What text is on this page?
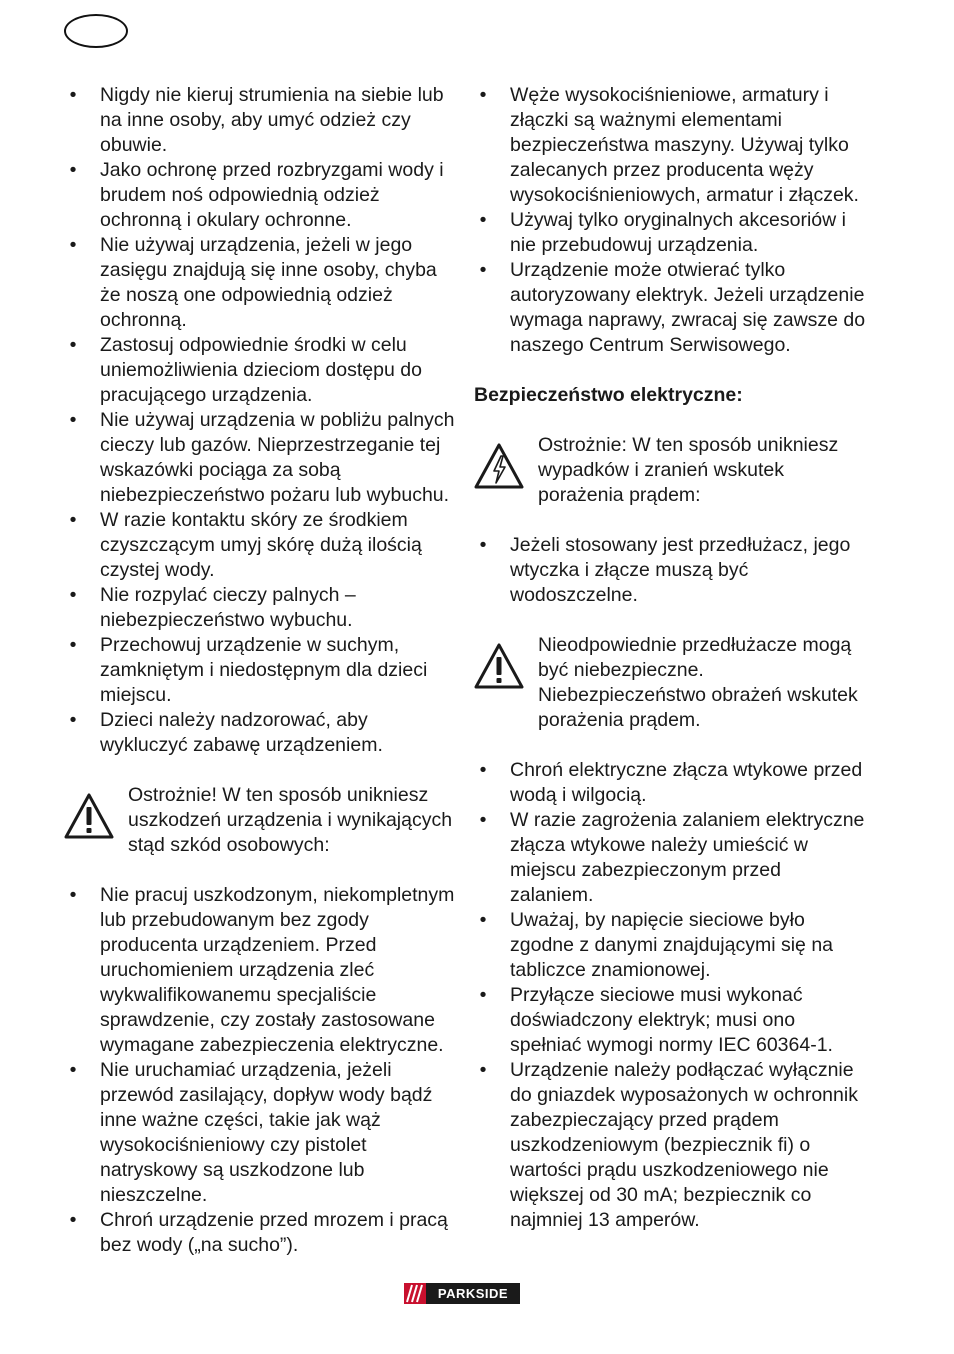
• Nigdy nie kieruj strumienia na siebie lub na inne osoby, aby umyć odzież czy obuwie.
• Jako ochronę przed rozbryzgami wody i brudem noś odpowiednią odzież ochronną i okulary ochronne.
• Nie używaj urządzenia, jeżeli w jego zasięgu znajdują się inne osoby, chyba że noszą one odpowiednią odzież ochronną.
• Zastosuj odpowiednie środki w celu uniemożliwienia dzieciom dostępu do pracującego urządzenia.
• Nie używaj urządzenia w pobliżu palnych cieczy lub gazów. Nieprzestrzeganie tej wskazówki pociąga za sobą niebezpieczeństwo pożaru lub wybuchu.
• W razie kontaktu skóry ze środkiem czyszczącym umyj skórę dużą ilością czystej wody.
• Nie rozpylać cieczy palnych – niebezpieczeństwo wybuchu.
• Przechowuj urządzenie w suchym, zamkniętym i niedostępnym dla dzieci miejscu.
• Dzieci należy nadzorować, aby wykluczyć zabawę urządzeniem.
Ostrożnie! W ten sposób unikniesz uszkodzeń urządzenia i wynikających stąd szkód osobowych:
• Nie pracuj uszkodzonym, niekompletnym lub przebudowanym bez zgody producenta urządzeniem. Przed uruchomieniem urządzenia zleć wykwalifikowanemu specjaliście sprawdzenie, czy zostały zastosowane wymagane zabezpieczenia elektryczne.
• Nie uruchamiać urządzenia, jeżeli przewód zasilający, dopływ wody bądź inne ważne części, takie jak wąż wysokociśnieniowy czy pistolet natryskowy są uszkodzone lub nieszczelne.
• Chroń urządzenie przed mrozem i pracą bez wody („na sucho”).
• Węże wysokociśnieniowe, armatury i złączki są ważnymi elementami bezpieczeństwa maszyny. Używaj tylko zalecanych przez producenta węży wysokociśnieniowych, armatur i złączek.
• Używaj tylko oryginalnych akcesoriów i nie przebudowuj urządzenia.
• Urządzenie może otwierać tylko autoryzowany elektryk. Jeżeli urządzenie wymaga naprawy, zwracaj się zawsze do naszego Centrum Serwisowego.
Bezpieczeństwo elektryczne:
Ostrożnie: W ten sposób unikniesz wypadków i zranień wskutek porażenia prądem:
• Jeżeli stosowany jest przedłużacz, jego wtyczka i złącze muszą być wodoszczelne.
Nieodpowiednie przedłużacze mogą być niebezpieczne. Niebezpieczeństwo obrażeń wskutek porażenia prądem.
• Chroń elektryczne złącza wtykowe przed wodą i wilgocią.
• W razie zagrożenia zalaniem elektryczne złącza wtykowe należy umieścić w miejscu zabezpieczonym przed zalaniem.
• Uważaj, by napięcie sieciowe było zgodne z danymi znajdującymi się na tabliczce znamionowej.
• Przyłącze sieciowe musi wykonać doświadczony elektryk; musi ono spełniać wymogi normy IEC 60364-1.
• Urządzenie należy podłączać wyłącznie do gniazdek wyposażonych w ochronnik zabezpieczający przed prądem uszkodzeniowym (bezpiecznik fi) o wartości prądu uszkodzeniowego nie większej od 30 mA; bezpiecznik co najmniej 13 amperów.
PARKSIDE
